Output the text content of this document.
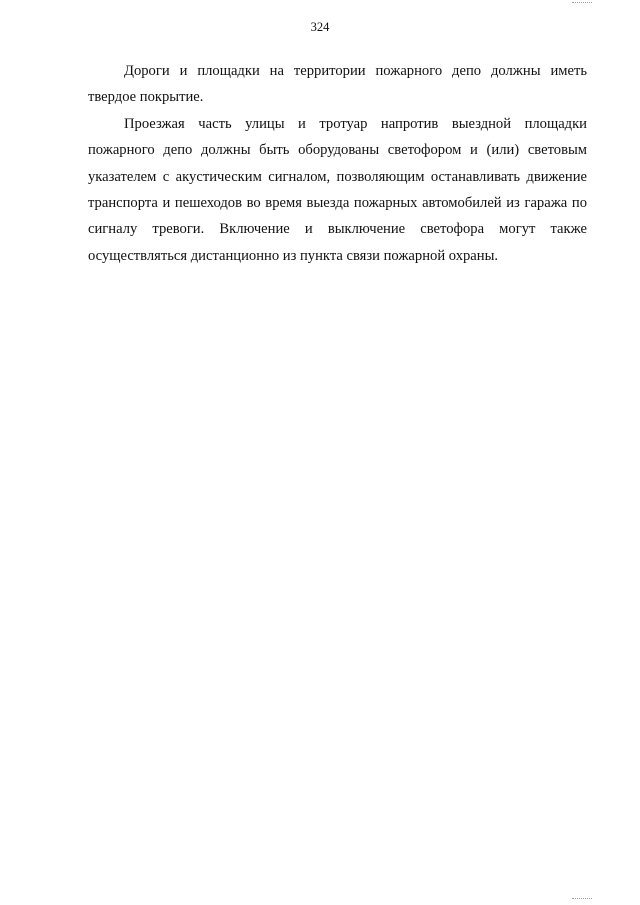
324

Дороги и площадки на территории пожарного депо должны иметь твердое покрытие.

Проезжая часть улицы и тротуар напротив выездной площадки пожарного депо должны быть оборудованы светофором и (или) световым указателем с акустическим сигналом, позволяющим останавливать движение транспорта и пешеходов во время выезда пожарных автомобилей из гаража по сигналу тревоги. Включение и выключение светофора могут также осуществляться дистанционно из пункта связи пожарной охраны.
